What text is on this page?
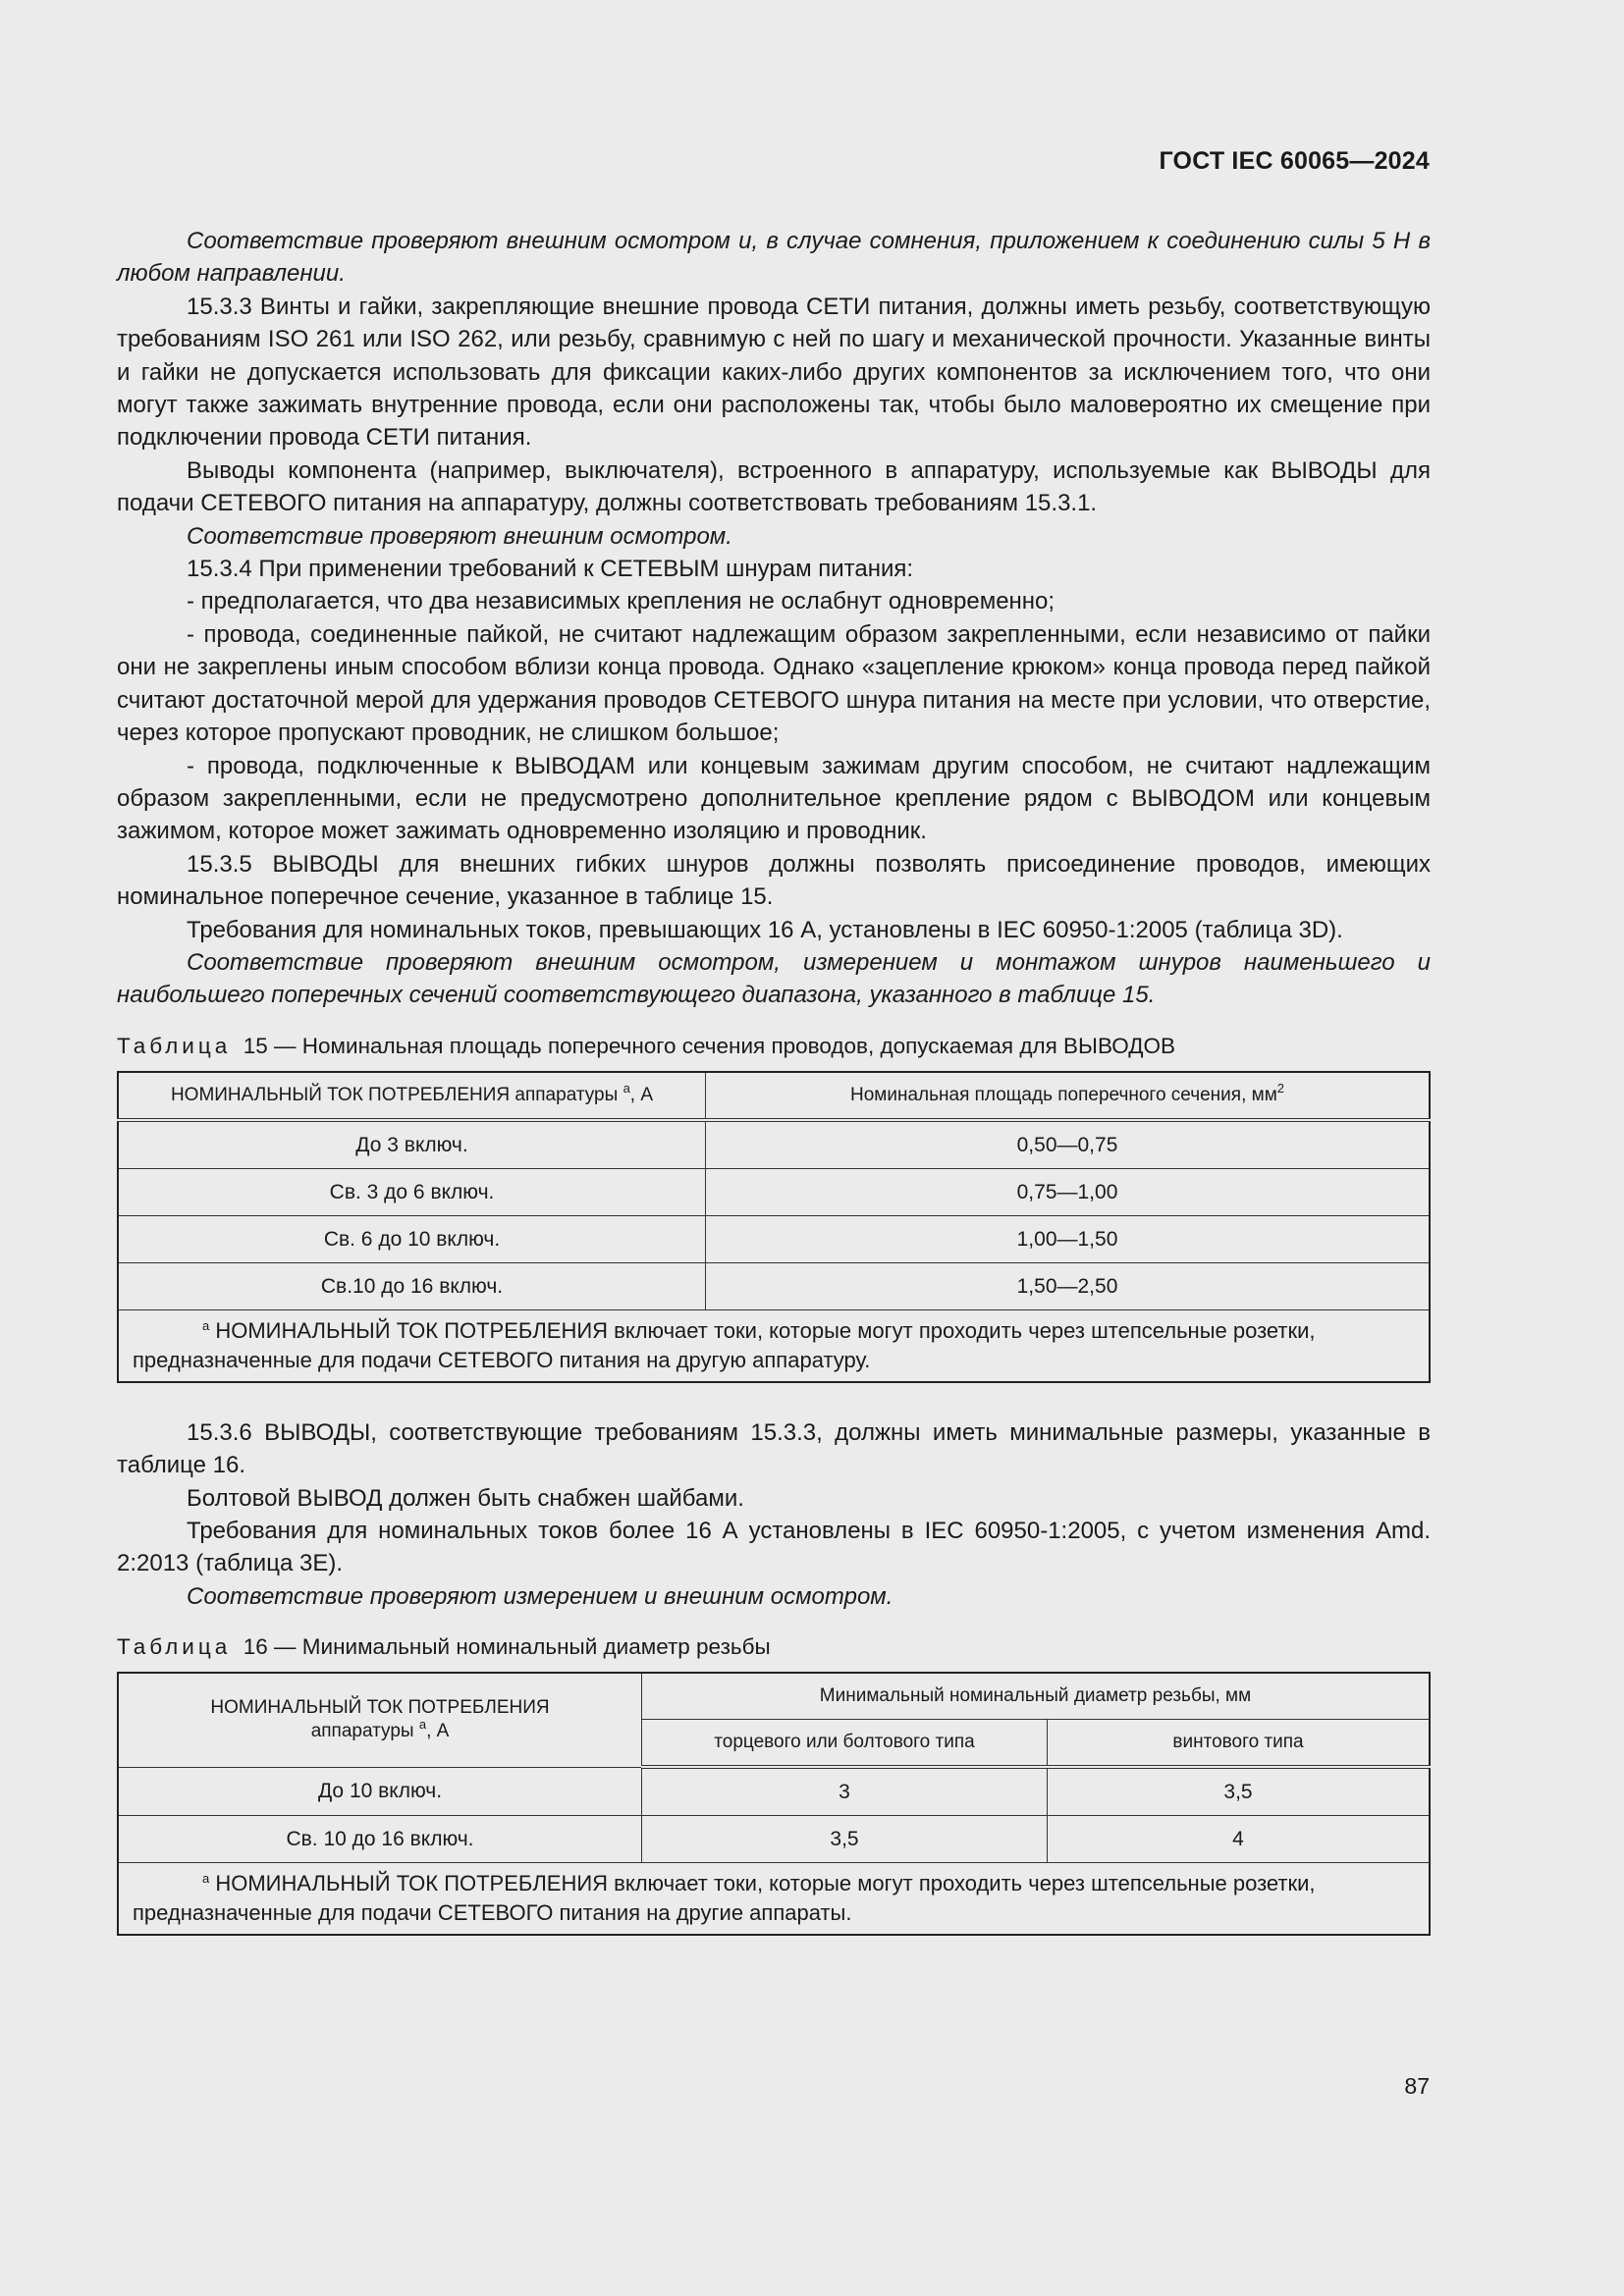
ГОСТ IEC 60065—2024

Соответствие проверяют внешним осмотром и, в случае сомнения, приложением к соединению силы 5 Н в любом направлении.

15.3.3 Винты и гайки, закрепляющие внешние провода СЕТИ питания, должны иметь резьбу, соответствующую требованиям ISO 261 или ISO 262, или резьбу, сравнимую с ней по шагу и механической прочности. Указанные винты и гайки не допускается использовать для фиксации каких-либо других компонентов за исключением того, что они могут также зажимать внутренние провода, если они расположены так, чтобы было маловероятно их смещение при подключении провода СЕТИ питания.

Выводы компонента (например, выключателя), встроенного в аппаратуру, используемые как ВЫВОДЫ для подачи СЕТЕВОГО питания на аппаратуру, должны соответствовать требованиям 15.3.1.

Соответствие проверяют внешним осмотром.

15.3.4 При применении требований к СЕТЕВЫМ шнурам питания:

- предполагается, что два независимых крепления не ослабнут одновременно;

- провода, соединенные пайкой, не считают надлежащим образом закрепленными, если независимо от пайки они не закреплены иным способом вблизи конца провода. Однако «зацепление крюком» конца провода перед пайкой считают достаточной мерой для удержания проводов СЕТЕВОГО шнура питания на месте при условии, что отверстие, через которое пропускают проводник, не слишком большое;

- провода, подключенные к ВЫВОДАМ или концевым зажимам другим способом, не считают надлежащим образом закрепленными, если не предусмотрено дополнительное крепление рядом с ВЫВОДОМ или концевым зажимом, которое может зажимать одновременно изоляцию и проводник.

15.3.5 ВЫВОДЫ для внешних гибких шнуров должны позволять присоединение проводов, имеющих номинальное поперечное сечение, указанное в таблице 15.

Требования для номинальных токов, превышающих 16 А, установлены в IEC 60950-1:2005 (таблица 3D).

Соответствие проверяют внешним осмотром, измерением и монтажом шнуров наименьшего и наибольшего поперечных сечений соответствующего диапазона, указанного в таблице 15.

Таблица 15 — Номинальная площадь поперечного сечения проводов, допускаемая для ВЫВОДОВ
НОМИНАЛЬНЫЙ ТОК ПОТРЕБЛЕНИЯ аппаратуры $^a$, А	Номинальная площадь поперечного сечения, $мм^2$
До 3 включ.	0,50—0,75
Св. 3 до 6 включ.	0,75—1,00
Св. 6 до 10 включ.	1,00—1,50
Св.10 до 16 включ.	1,50—2,50
$^a$ НОМИНАЛЬНЫЙ ТОК ПОТРЕБЛЕНИЯ включает токи, которые могут проходить через штепсельные розетки, предназначенные для подачи СЕТЕВОГО питания на другую аппаратуру.	

15.3.6 ВЫВОДЫ, соответствующие требованиям 15.3.3, должны иметь минимальные размеры, указанные в таблице 16.

Болтовой ВЫВОД должен быть снабжен шайбами.

Требования для номинальных токов более 16 А установлены в IEC 60950-1:2005, с учетом изменения Amd. 2:2013 (таблица 3E).

Соответствие проверяют измерением и внешним осмотром.

Таблица 16 — Минимальный номинальный диаметр резьбы
НОМИНАЛЬНЫЙ ТОК ПОТРЕБЛЕНИЯ
аппаратуры $^a$, А	Минимальный номинальный диаметр резьбы, мм	
	торцевого или болтового типа	винтового типа
До 10 включ.	3	3,5
Св. 10 до 16 включ.	3,5	4
$^a$ НОМИНАЛЬНЫЙ ТОК ПОТРЕБЛЕНИЯ включает токи, которые могут проходить через штепсельные розетки, предназначенные для подачи СЕТЕВОГО питания на другие аппараты.		
87
